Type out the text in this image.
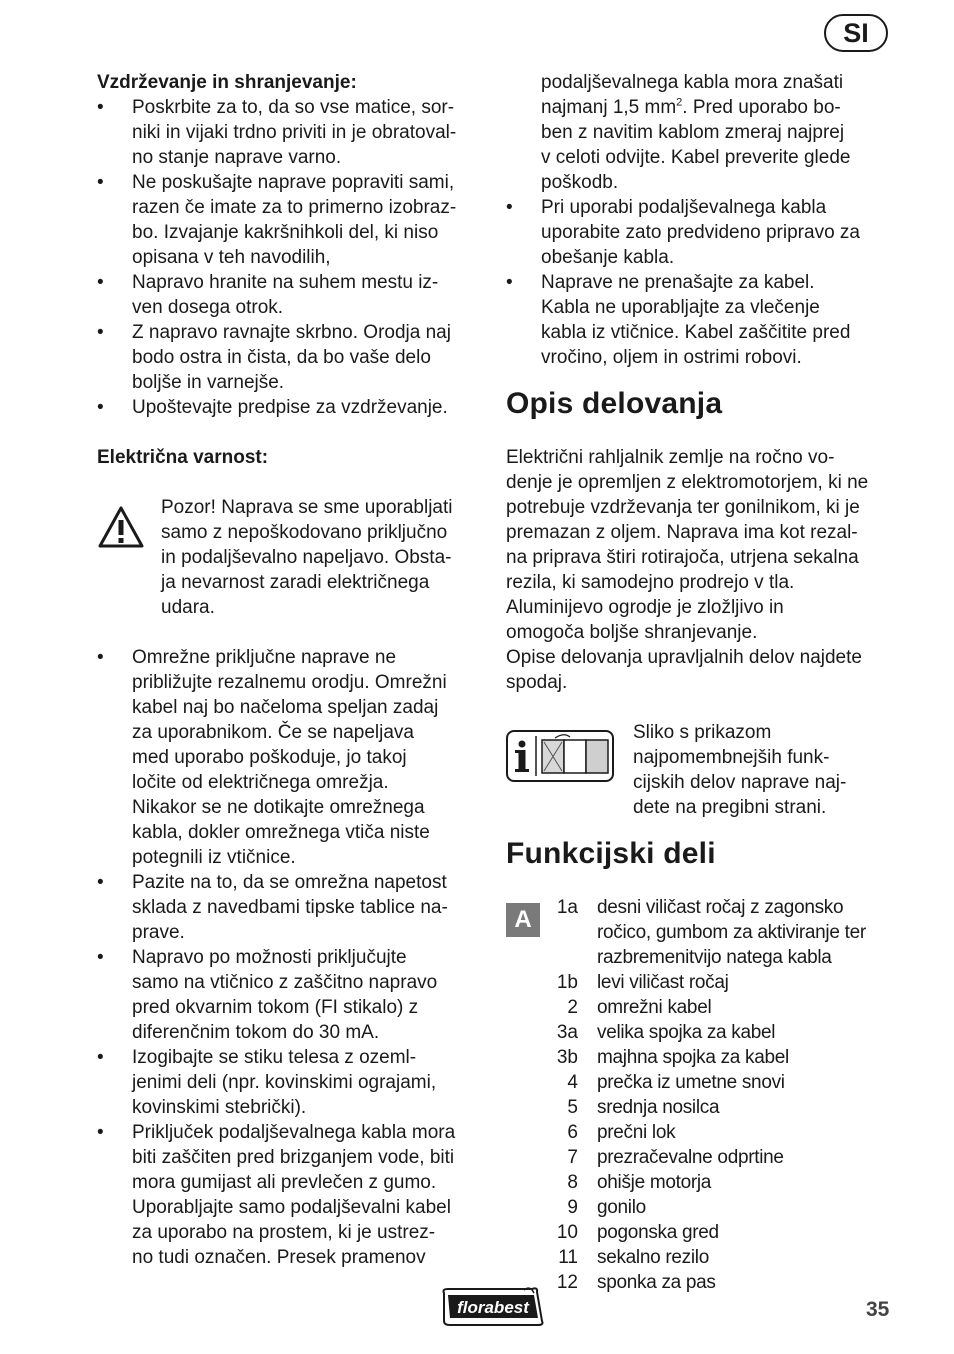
SI
Vzdrževanje in shranjevanje:
• Poskrbite za to, da so vse matice, sor-
niki in vijaki trdno priviti in je obratoval-
no stanje naprave varno.
• Ne poskušajte naprave popraviti sami,
razen če imate za to primerno izobraz-
bo. Izvajanje kakršnihkoli del, ki niso
opisana v teh navodilih,
• Napravo hranite na suhem mestu iz-
ven dosega otrok.
• Z napravo ravnajte skrbno. Orodja naj
bodo ostra in čista, da bo vaše delo
boljše in varnejše.
• Upoštevajte predpise za vzdrževanje.
Električna varnost:
Pozor! Naprava se sme uporabljati
samo z nepoškodovano priključno
in podaljševalno napeljavo. Obsta-
ja nevarnost zaradi električnega
udara.
• Omrežne priključne naprave ne
približujte rezalnemu orodju. Omrežni
kabel naj bo načeloma speljan zadaj
za uporabnikom. Če se napeljava
med uporabo poškoduje, jo takoj
ločite od električnega omrežja.
Nikakor se ne dotikajte omrežnega
kabla, dokler omrežnega vtiča niste
potegnili iz vtičnice.
• Pazite na to, da se omrežna napetost
sklada z navedbami tipske tablice na-
prave.
• Napravo po možnosti priključujte
samo na vtičnico z zaščitno napravo
pred okvarnim tokom (FI stikalo) z
diferenčnim tokom do 30 mA.
• Izogibajte se stiku telesa z ozeml-
jenimi deli (npr. kovinskimi ograjami,
kovinskimi stebrički).
• Priključek podaljševalnega kabla mora
biti zaščiten pred brizganjem vode, biti
mora gumijast ali prevlečen z gumo.
Uporabljajte samo podaljševalni kabel
za uporabo na prostem, ki je ustrez-
no tudi označen. Presek pramenov
podaljševalnega kabla mora znašati
najmanj 1,5 $mm^2$. Pred uporabo bo-
ben z navitim kablom zmeraj najprej
v celoti odvijte. Kabel preverite glede
poškodb.
• Pri uporabi podaljševalnega kabla
uporabite zato predvideno pripravo za
obešanje kabla.
• Naprave ne prenašajte za kabel.
Kabla ne uporabljajte za vlečenje
kabla iz vtičnice. Kabel zaščitite pred
vročino, oljem in ostrimi robovi.
Opis delovanja
Električni rahljalnik zemlje na ročno vo-
denje je opremljen z elektromotorjem, ki ne
potrebuje vzdrževanja ter gonilnikom, ki je
premazan z oljem. Naprava ima kot rezal-
na priprava štiri rotirajoča, utrjena sekalna
rezila, ki samodejno prodrejo v tla.
Aluminijevo ogrodje je zložljivo in
omogoča boljše shranjevanje.
Opise delovanja upravljalnih delov najdete
spodaj.
Sliko s prikazom
najpomembnejših funk-
cijskih delov naprave naj-
dete na pregibni strani.
Funkcijski deli
A	1a desni viličast ročaj z zagonsko
ročico, gumbom za aktiviranje ter
razbremenitvijo nategа kabla
1b levi viličast ročaj
2 omrežni kabel
3a velika spojka za kabel
3b majhna spojka za kabel
4 prečka iz umetne snovi
5 srednja nosilca
6 prečni lok
7 prezračevalne odprtine
8 ohišje motorja
9 gonilo
10 pogonska gred
11 sekalno rezilo
12 sponka za pas
florabest	35
